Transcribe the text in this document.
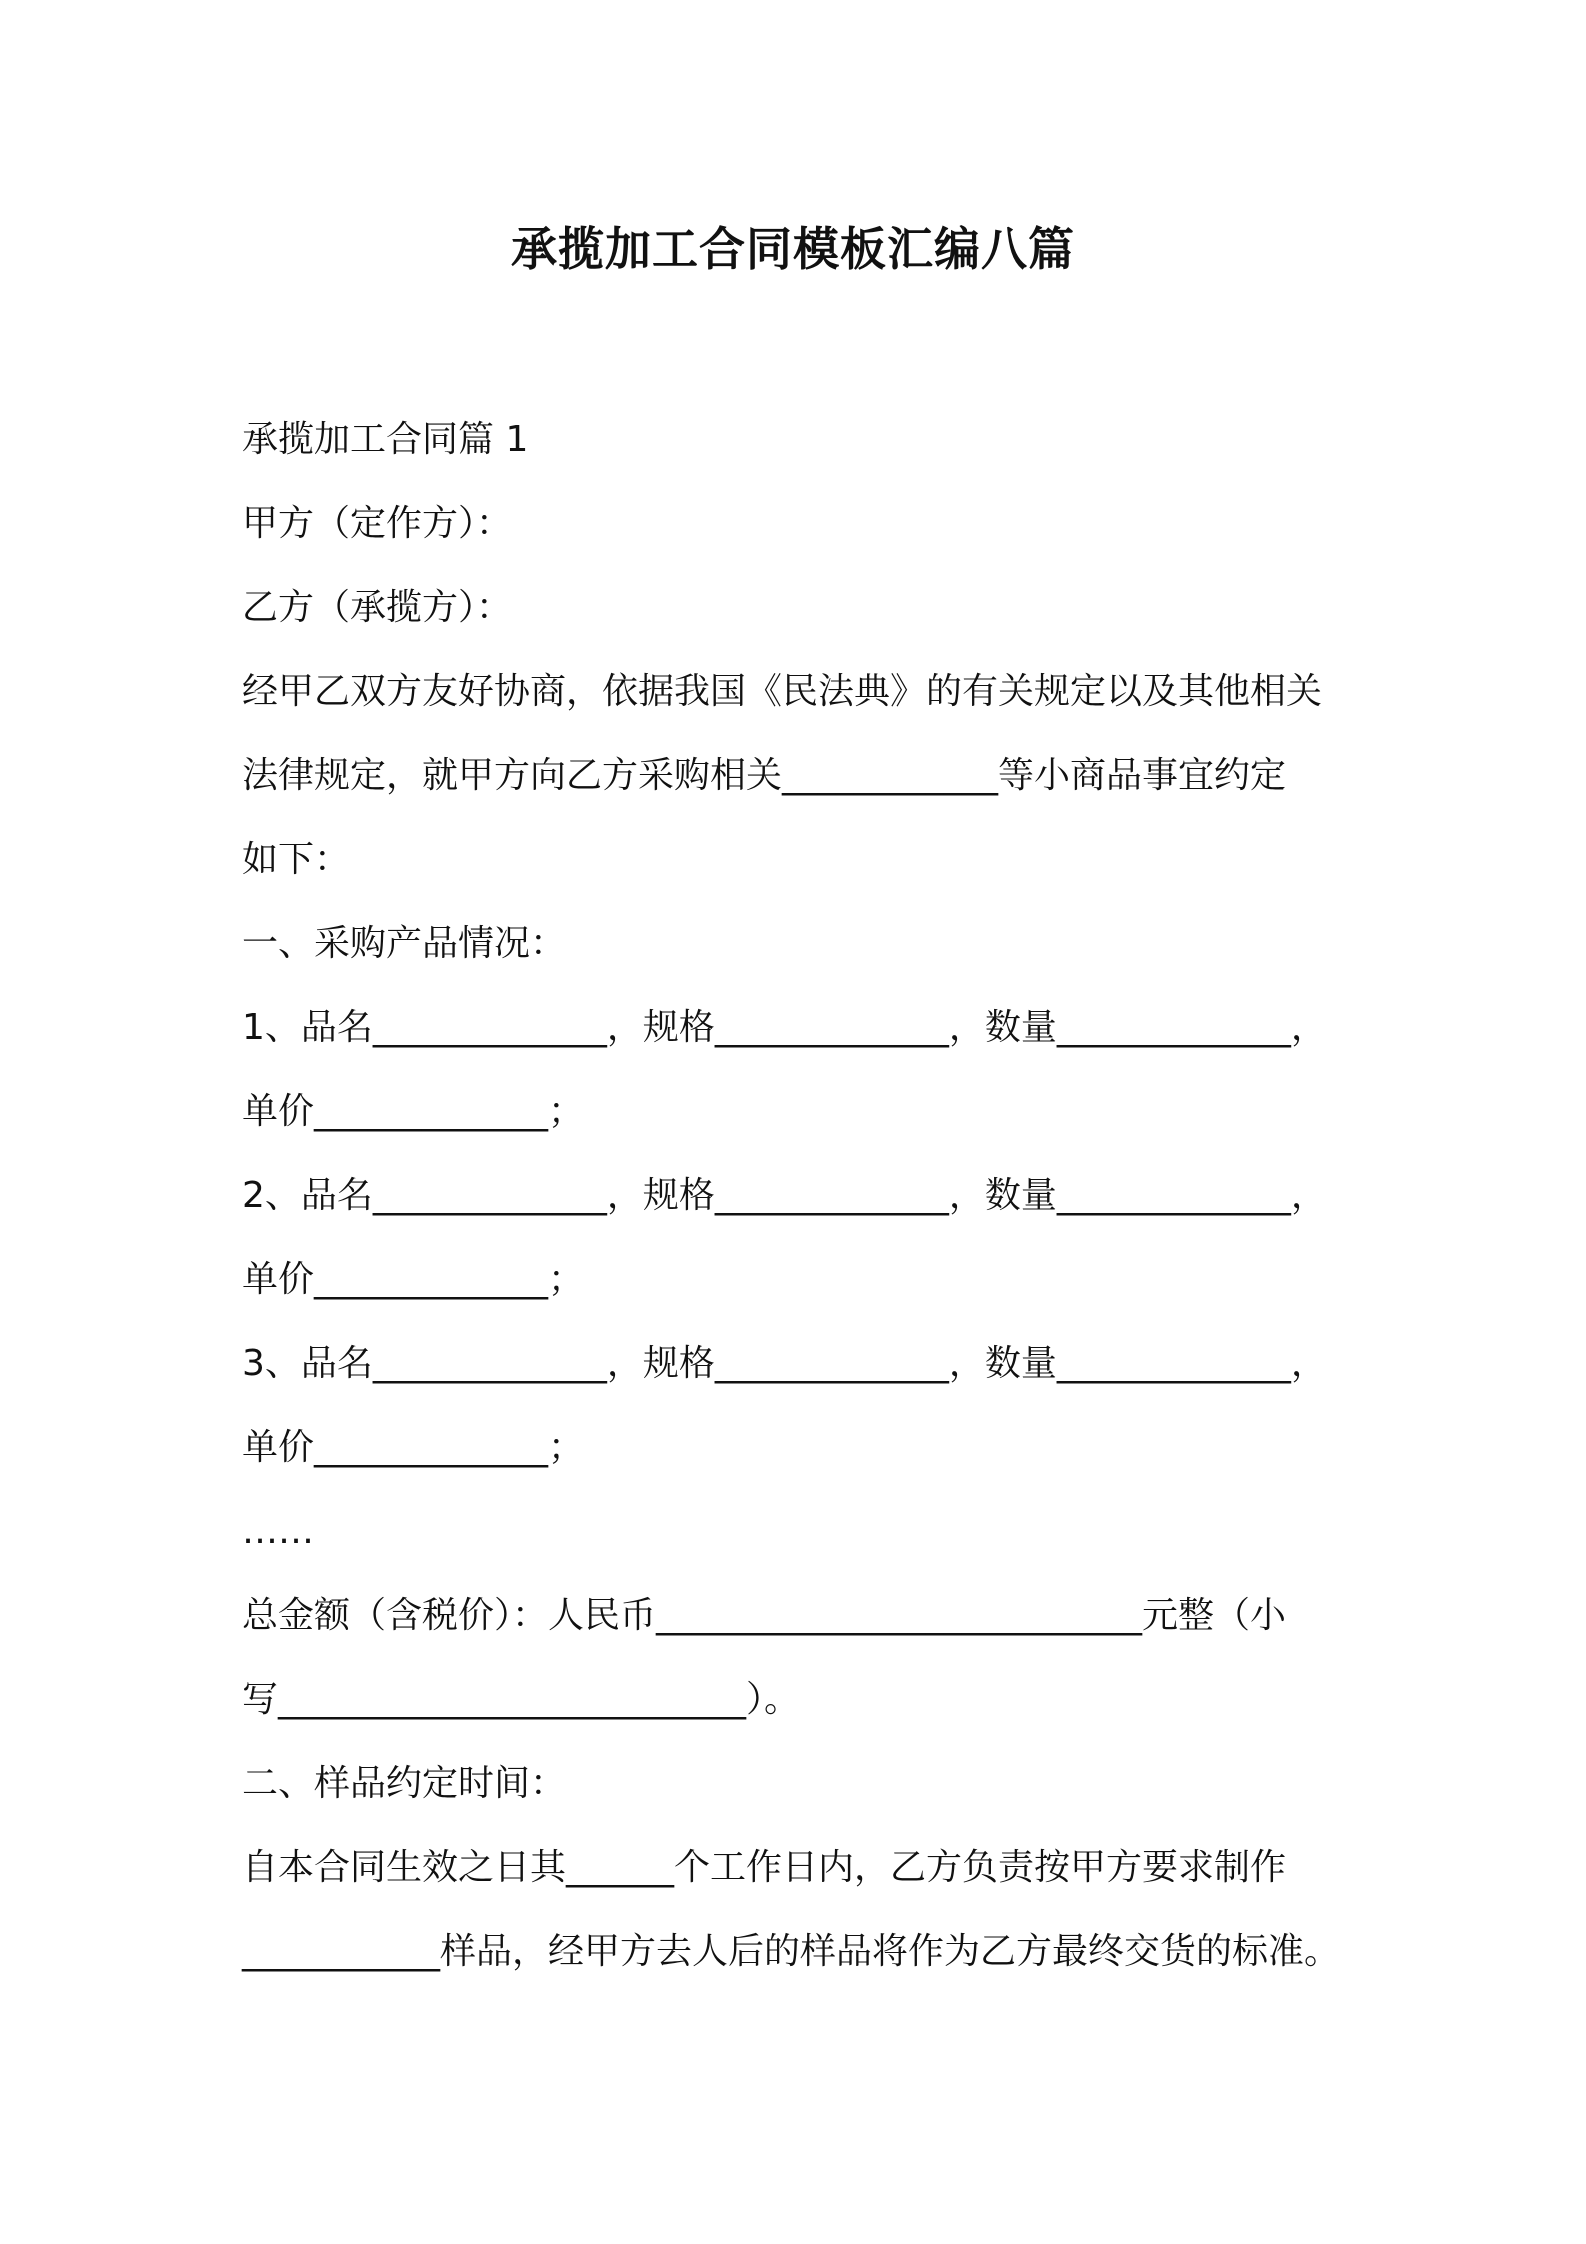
承揽加工合同模板汇编八篇
承揽加工合同篇 1
甲方（定作方）：
乙方（承揽方）：
经甲乙双方友好协商，依据我国《民法典》的有关规定以及其他相关
法律规定，就甲方向乙方采购相关____________等小商品事宜约定
如下：
一、采购产品情况：
1、品名_____________，规格_____________，数量_____________，
单价_____________；
2、品名_____________，规格_____________，数量_____________，
单价_____________；
3、品名_____________，规格_____________，数量_____________，
单价_____________；
……
总金额（含税价）：人民币___________________________元整（小
写__________________________）。
二、样品约定时间：
自本合同生效之日其______个工作日内，乙方负责按甲方要求制作
___________样品，经甲方去人后的样品将作为乙方最终交货的标准。
